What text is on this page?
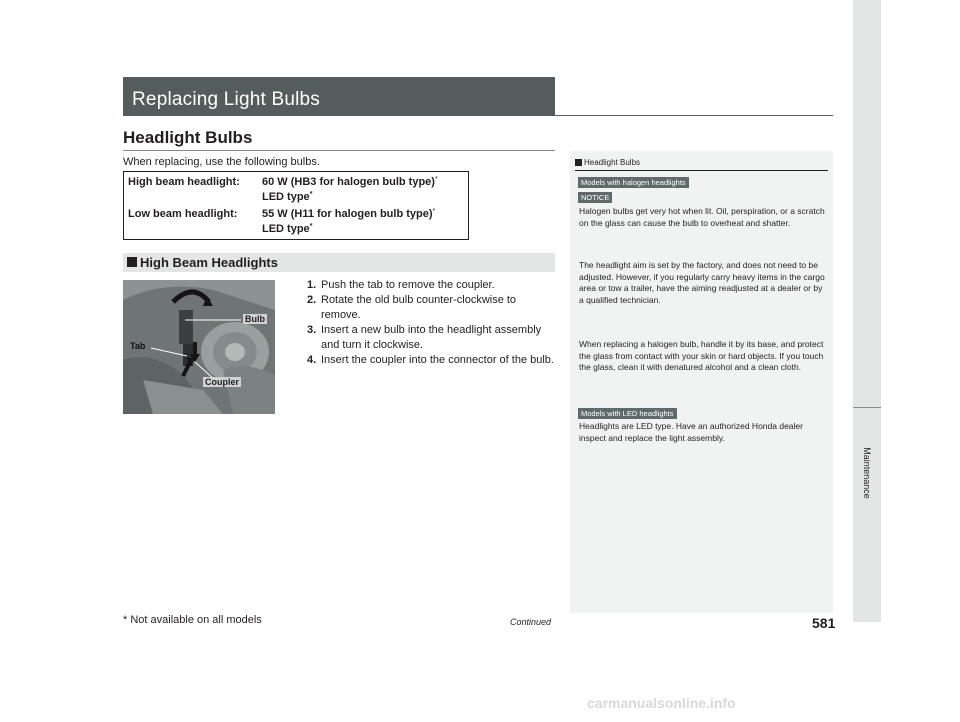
Replacing Light Bulbs
Headlight Bulbs
When replacing, use the following bulbs.
High beam headlight: 60 W (HB3 for halogen bulb type)*
LED type*
Low beam headlight: 55 W (H11 for halogen bulb type)*
LED type*
High Beam Headlights
Bulb
Tab
Coupler
1. Push the tab to remove the coupler.
2. Rotate the old bulb counter-clockwise to remove.
3. Insert a new bulb into the headlight assembly and turn it clockwise.
4. Insert the coupler into the connector of the bulb.
Headlight Bulbs
Models with halogen headlights
NOTICE

Halogen bulbs get very hot when lit. Oil, perspiration, or a scratch on the glass can cause the bulb to overheat and shatter.

The headlight aim is set by the factory, and does not need to be adjusted. However, if you regularly carry heavy items in the cargo area or tow a trailer, have the aiming readjusted at a dealer or by a qualified technician.

When replacing a halogen bulb, handle it by its base, and protect the glass from contact with your skin or hard objects. If you touch the glass, clean it with denatured alcohol and a clean cloth.

Models with LED headlights

Headlights are LED type. Have an authorized Honda dealer inspect and replace the light assembly.

Maintenance
* Not available on all models	Continued	581
carmanualsonline.info
